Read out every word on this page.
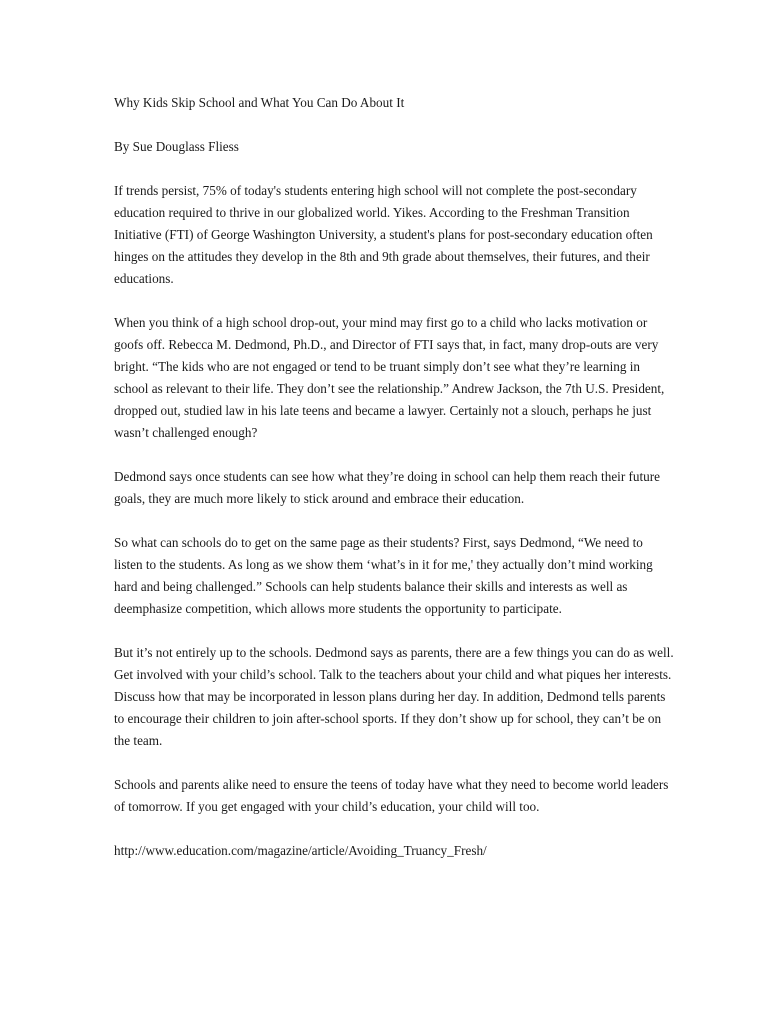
Why Kids Skip School and What You Can Do About It

By Sue Douglass Fliess

If trends persist, 75% of today's students entering high school will not complete the post-secondary education required to thrive in our globalized world. Yikes. According to the Freshman Transition Initiative (FTI) of George Washington University, a student's plans for post-secondary education often hinges on the attitudes they develop in the 8th and 9th grade about themselves, their futures, and their educations.

When you think of a high school drop-out, your mind may first go to a child who lacks motivation or goofs off. Rebecca M. Dedmond, Ph.D., and Director of FTI says that, in fact, many drop-outs are very bright. “The kids who are not engaged or tend to be truant simply don’t see what they’re learning in school as relevant to their life. They don’t see the relationship.” Andrew Jackson, the 7th U.S. President, dropped out, studied law in his late teens and became a lawyer. Certainly not a slouch, perhaps he just wasn’t challenged enough?

Dedmond says once students can see how what they’re doing in school can help them reach their future goals, they are much more likely to stick around and embrace their education.

So what can schools do to get on the same page as their students? First, says Dedmond, “We need to listen to the students. As long as we show them ‘what’s in it for me,' they actually don’t mind working hard and being challenged.” Schools can help students balance their skills and interests as well as deemphasize competition, which allows more students the opportunity to participate.

But it’s not entirely up to the schools. Dedmond says as parents, there are a few things you can do as well. Get involved with your child’s school. Talk to the teachers about your child and what piques her interests. Discuss how that may be incorporated in lesson plans during her day. In addition, Dedmond tells parents to encourage their children to join after-school sports. If they don’t show up for school, they can’t be on the team.

Schools and parents alike need to ensure the teens of today have what they need to become world leaders of tomorrow. If you get engaged with your child’s education, your child will too.

http://www.education.com/magazine/article/Avoiding_Truancy_Fresh/
